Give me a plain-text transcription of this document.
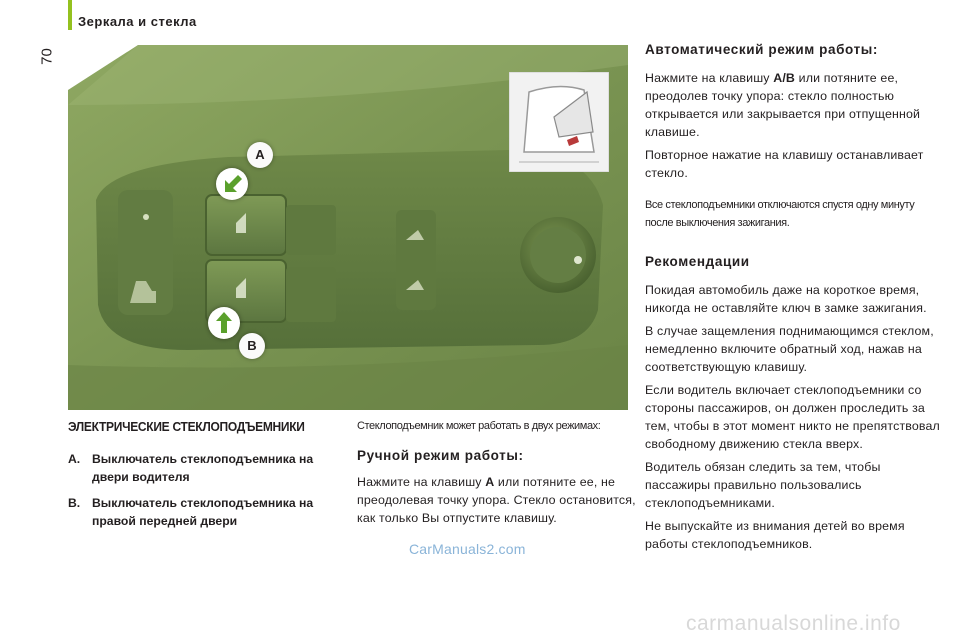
Зеркала и стекла
70
A
B
ЭЛЕКТРИЧЕСКИЕ СТЕКЛОПОДЪЕМНИКИ
A. Выключатель стеклоподъемника на двери водителя
B. Выключатель стеклоподъемника на правой передней двери
Стеклоподъемник может работать в двух режимах:
Ручной режим работы:
Нажмите на клавишу A или потяните ее, не преодолевая точку упора. Стекло остановится, как только Вы отпустите клавишу.
Автоматический режим работы:
Нажмите на клавишу A/B или потяните ее, преодолев точку упора: стекло полностью открывается или закрывается при отпущенной клавише.
Повторное нажатие на клавишу останавливает стекло.
Все стеклоподъемники отключаются спустя одну минуту после выключения зажигания.
Рекомендации
Покидая автомобиль даже на короткое время, никогда не оставляйте ключ в замке зажигания.
В случае защемления поднимающимся стеклом, немедленно включите обратный ход, нажав на соответствующую клавишу.
Если водитель включает стеклоподъемники со стороны пассажиров, он должен проследить за тем, чтобы в этот момент никто не препятствовал свободному движению стекла вверх.
Водитель обязан следить за тем, чтобы пассажиры правильно пользовались стеклоподъемниками.
Не выпускайте из внимания детей во время работы стеклоподъемников.
CarManuals2.com
carmanualsonline.info
